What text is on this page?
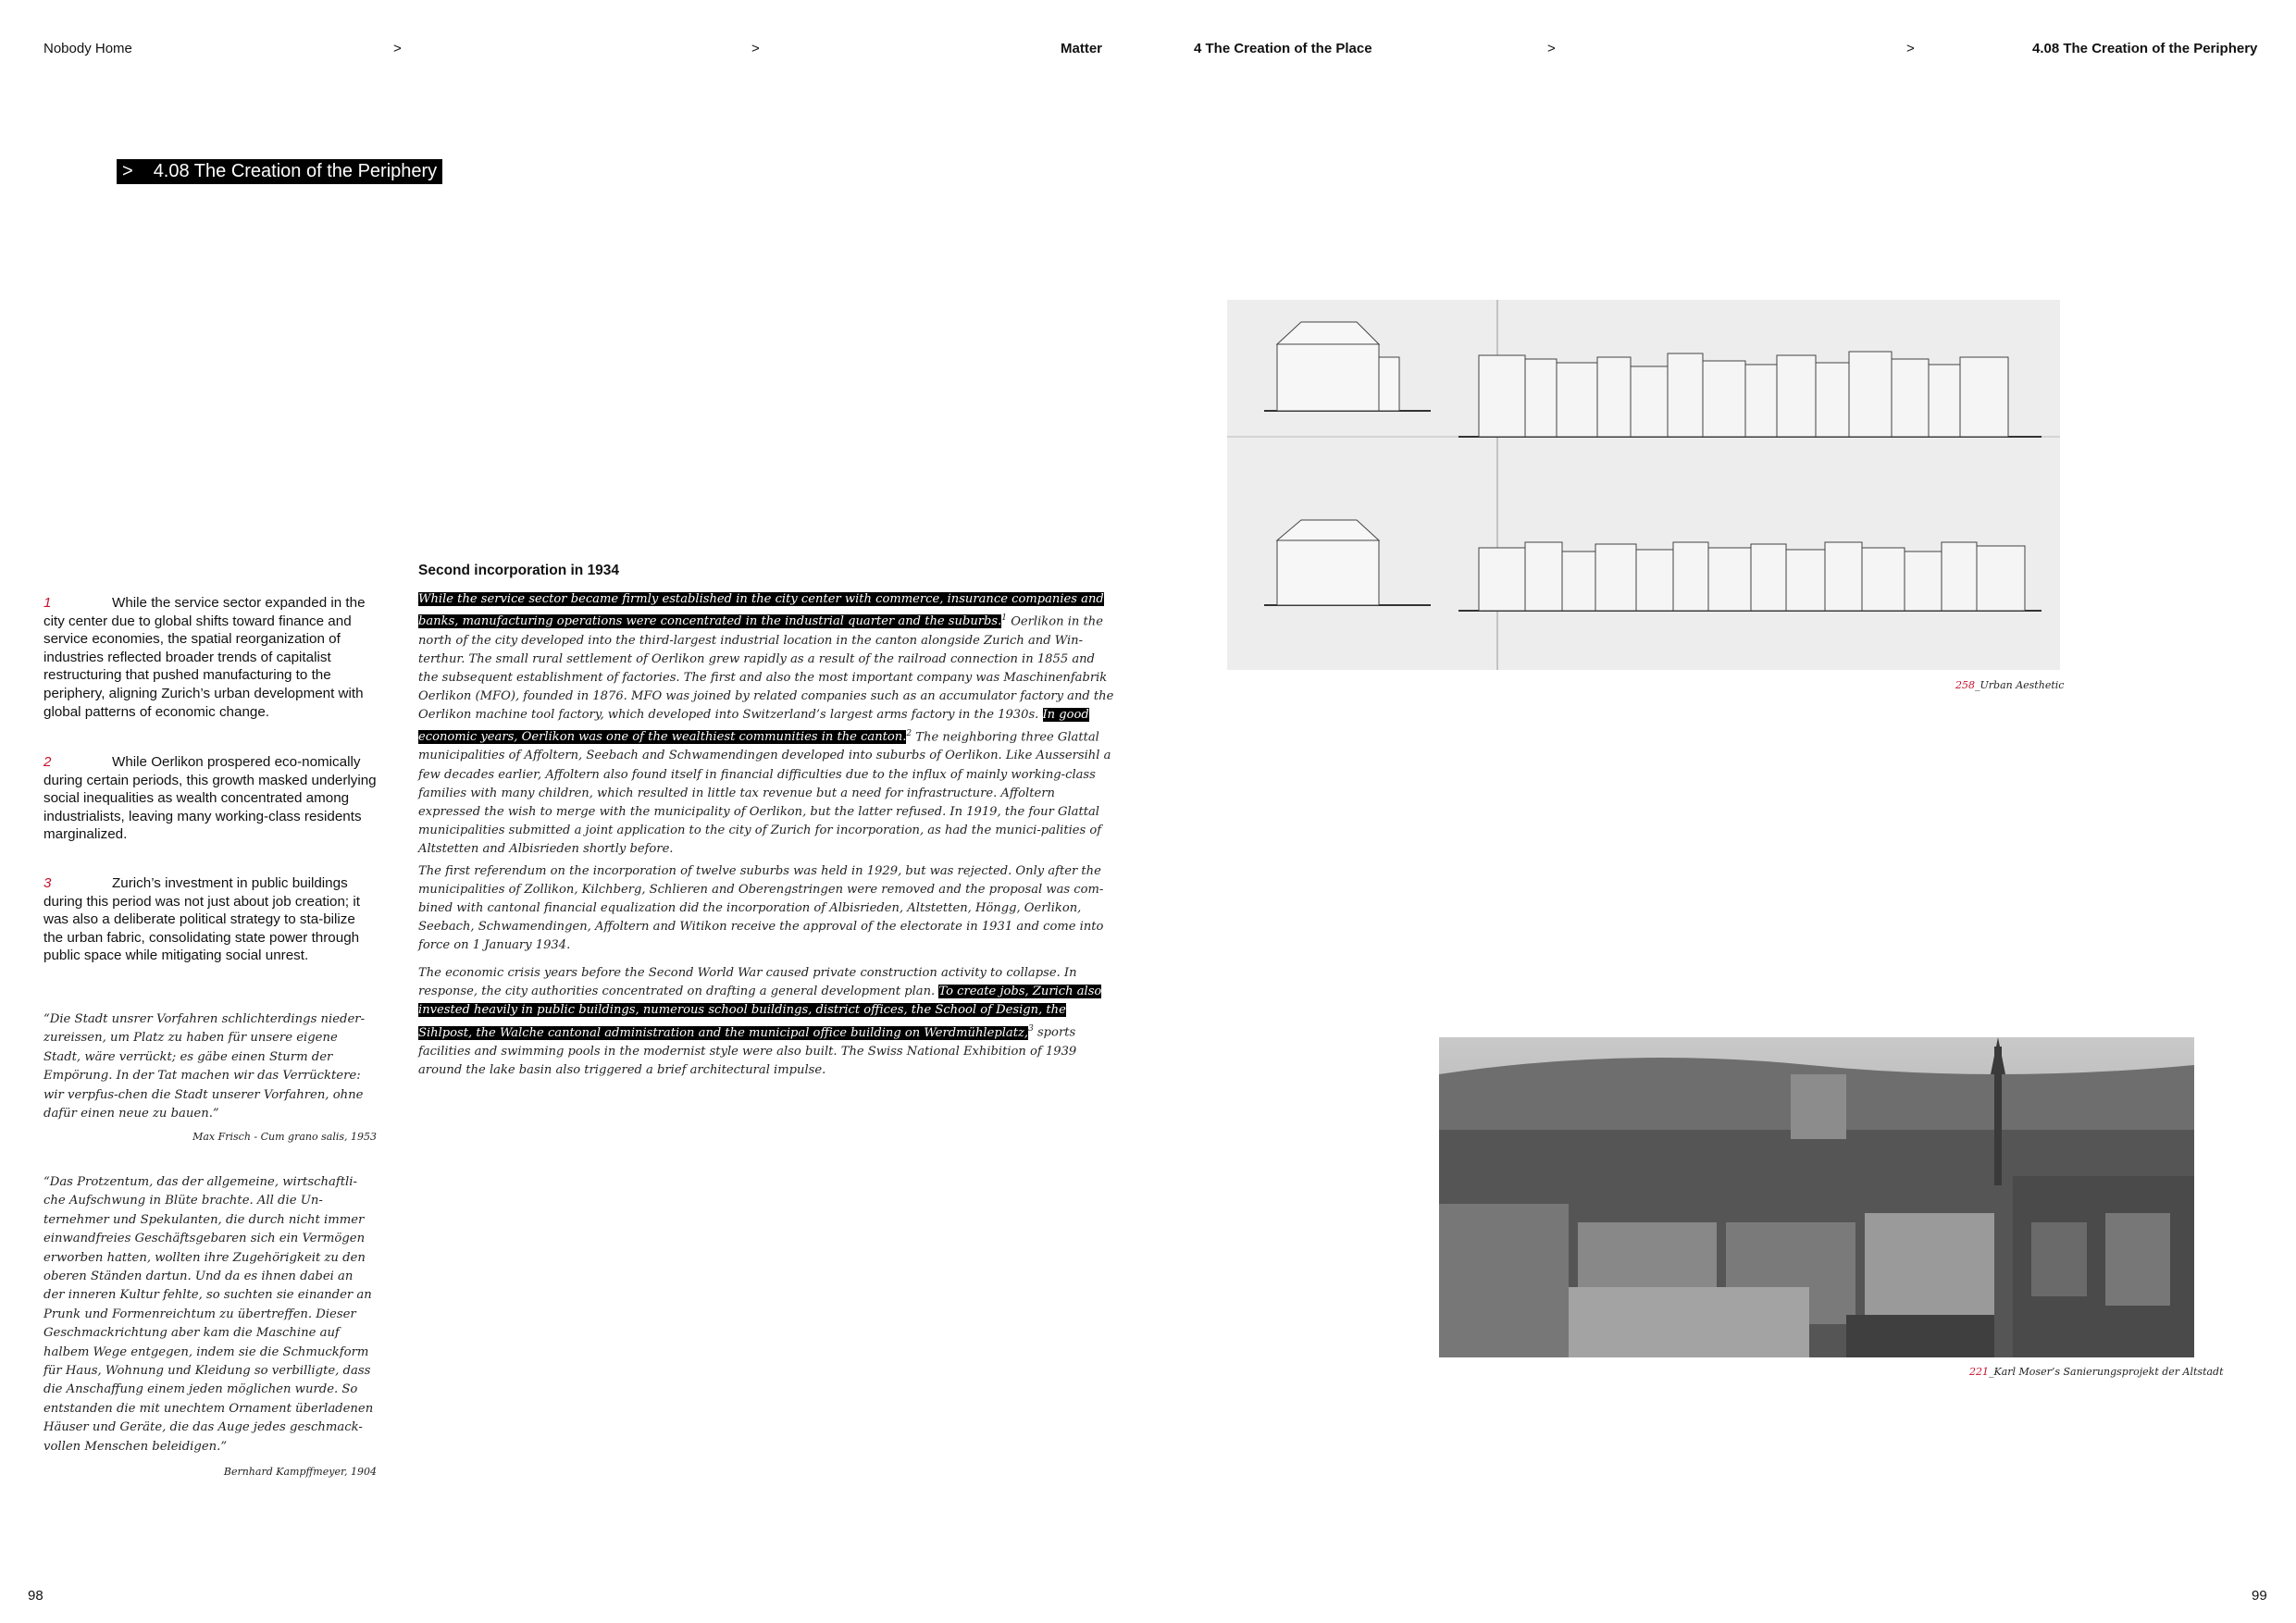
Nobody Home	>	>	Matter	4 The Creation of the Place	>	>	4.08 The Creation of the Periphery
> 4.08 The Creation of the Periphery
1	While the service sector expanded in the city center due to global shifts toward finance and service economies, the spatial reorganization of industries reflected broader trends of capitalist restructuring that pushed manufacturing to the periphery, aligning Zurich’s urban development with global patterns of economic change.
2	While Oerlikon prospered eco-nomically during certain periods, this growth masked underlying social inequalities as wealth concentrated among industrialists, leaving many working-class residents marginalized.
3	Zurich’s investment in public buildings during this period was not just about job creation; it was also a deliberate political strategy to sta-bilize the urban fabric, consolidating state power through public space while mitigating social unrest.
“Die Stadt unsrer Vorfahren schlichterdings nieder-zureissen, um Platz zu haben für unsere eigene Stadt, wäre verrückt; es gäbe einen Sturm der Empörung. In der Tat machen wir das Verrücktere: wir verpfus-chen die Stadt unserer Vorfahren, ohne dafür einen neue zu bauen.”
Max Frisch - Cum grano salis, 1953
“Das Protzentum, das der allgemeine, wirtschaftli-che Aufschwung in Blüte brachte. All die Un-ternehmer und Spekulanten, die durch nicht immer einwandfreies Geschäftsgebaren sich ein Vermögen erworben hatten, wollten ihre Zugehörigkeit zu den oberen Ständen dartun. Und da es ihnen dabei an der inneren Kultur fehlte, so suchten sie einander an Prunk und Formenreichtum zu übertreffen. Dieser Geschmackrichtung aber kam die Maschine auf halbem Wege entgegen, indem sie die Schmuckform für Haus, Wohnung und Kleidung so verbilligte, dass die Anschaffung einem jeden möglichen wurde. So entstanden die mit unechtem Ornament überladenen Häuser und Geräte, die das Auge jedes geschmack-vollen Menschen beleidigen.”
Bernhard Kampffmeyer, 1904
Second incorporation in 1934
While the service sector became firmly established in the city center with commerce, insurance companies and banks, manufacturing operations were concentrated in the industrial quarter and the suburbs.$^1$ Oerlikon in the north of the city developed into the third-largest industrial location in the canton alongside Zurich and Win-terthur. The small rural settlement of Oerlikon grew rapidly as a result of the railroad connection in 1855 and the subsequent establishment of factories. The first and also the most important company was Maschinenfabrik Oerlikon (MFO), founded in 1876. MFO was joined by related companies such as an accumulator factory and the Oerlikon machine tool factory, which developed into Switzerland’s largest arms factory in the 1930s. In good economic years, Oerlikon was one of the wealthiest communities in the canton.$^2$ The neighboring three Glattal municipalities of Affoltern, Seebach and Schwamendingen developed into suburbs of Oerlikon. Like Aussersihl a few decades earlier, Affoltern also found itself in financial difficulties due to the influx of mainly working-class families with many children, which resulted in little tax revenue but a need for infrastructure. Affoltern expressed the wish to merge with the municipality of Oerlikon, but the latter refused. In 1919, the four Glattal municipalities submitted a joint application to the city of Zurich for incorporation, as had the munici-palities of Altstetten and Albisrieden shortly before.
The first referendum on the incorporation of twelve suburbs was held in 1929, but was rejected. Only after the municipalities of Zollikon, Kilchberg, Schlieren and Oberengstringen were removed and the proposal was com-bined with cantonal financial equalization did the incorporation of Albisrieden, Altstetten, Höngg, Oerlikon, Seebach, Schwamendingen, Affoltern and Witikon receive the approval of the electorate in 1931 and come into force on 1 January 1934.
The economic crisis years before the Second World War caused private construction activity to collapse. In response, the city authorities concentrated on drafting a general development plan. To create jobs, Zurich also invested heavily in public buildings, numerous school buildings, district offices, the School of Design, the Sihlpost, the Walche cantonal administration and the municipal office building on Werdmühleplatz,$^3$ sports facilities and swimming pools in the modernist style were also built. The Swiss National Exhibition of 1939 around the lake basin also triggered a brief architectural impulse.
258_Urban Aesthetic
221_Karl Moser’s Sanierungsprojekt der Altstadt
98	99
